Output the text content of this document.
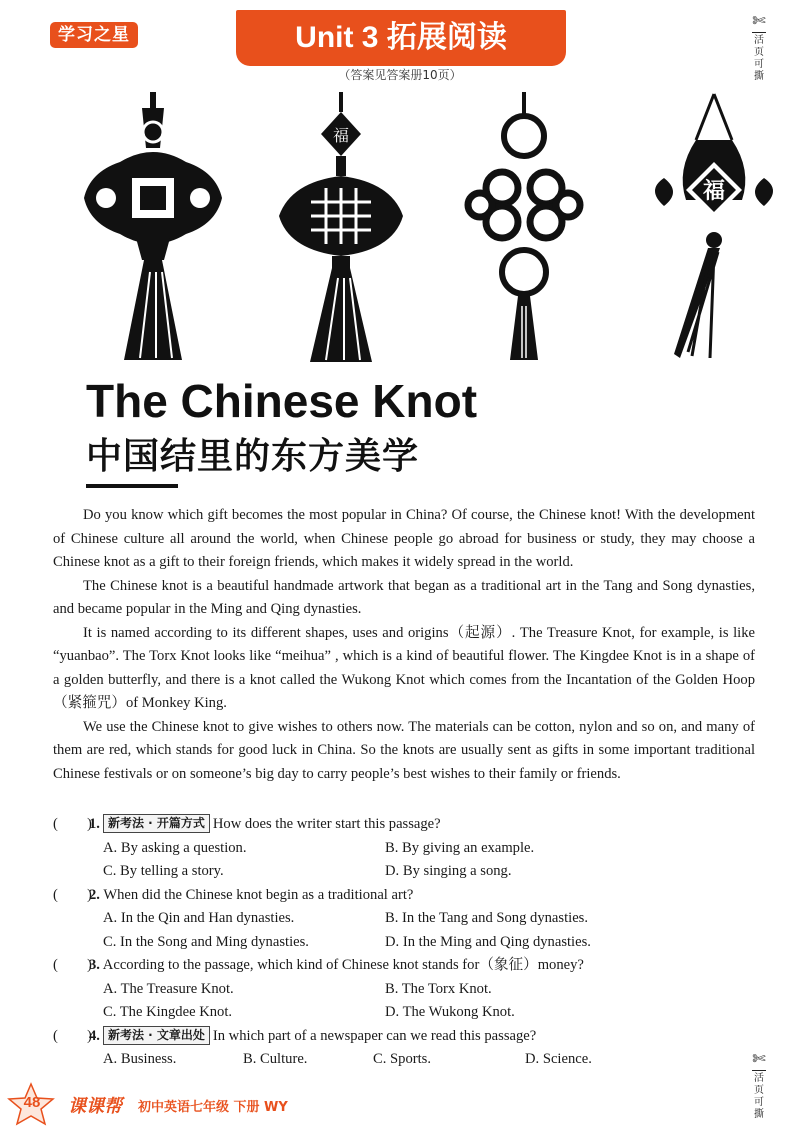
学习之星	Unit 3 拓展阅读
（答案见答案册10页）
✄
活页可撕
✄
活页可撕
福
福
The Chinese Knot
中国结里的东方美学

Do you know which gift becomes the most popular in China? Of course, the Chinese knot! With the development of Chinese culture all around the world, when Chinese people go abroad for business or study, they may choose a Chinese knot as a gift to their foreign friends, which makes it widely spread in the world.

The Chinese knot is a beautiful handmade artwork that began as a traditional art in the Tang and Song dynasties, and became popular in the Ming and Qing dynasties.

It is named according to its different shapes, uses and origins（起源）. The Treasure Knot, for example, is like “yuanbao”. The Torx Knot looks like “meihua” , which is a kind of beautiful flower. The Kingdee Knot is in a shape of a golden butterfly, and there is a knot called the Wukong Knot which comes from the Incantation of the Golden Hoop（紧箍咒）of Monkey King.

We use the Chinese knot to give wishes to others now. The materials can be cotton, nylon and so on, and many of them are red, which stands for good luck in China. So the knots are usually sent as gifts in some important traditional Chinese festivals or on someone’s big day to carry people’s best wishes to their family or friends.

(　　)1. 新考法 · 开篇方式 How does the writer start this passage?
A. By asking a question.	B. By giving an example.
C. By telling a story.	D. By singing a song.
(　　)2. When did the Chinese knot begin as a traditional art?
A. In the Qin and Han dynasties.	B. In the Tang and Song dynasties.
C. In the Song and Ming dynasties.	D. In the Ming and Qing dynasties.
(　　)3. According to the passage, which kind of Chinese knot stands for（象征）money?
A. The Treasure Knot.	B. The Torx Knot.
C. The Kingdee Knot.	D. The Wukong Knot.
(　　)4. 新考法 · 文章出处 In which part of a newspaper can we read this passage?
A. Business.	B. Culture.	C. Sports.	D. Science.
48	课课帮 初中英语七年级 下册 WY
